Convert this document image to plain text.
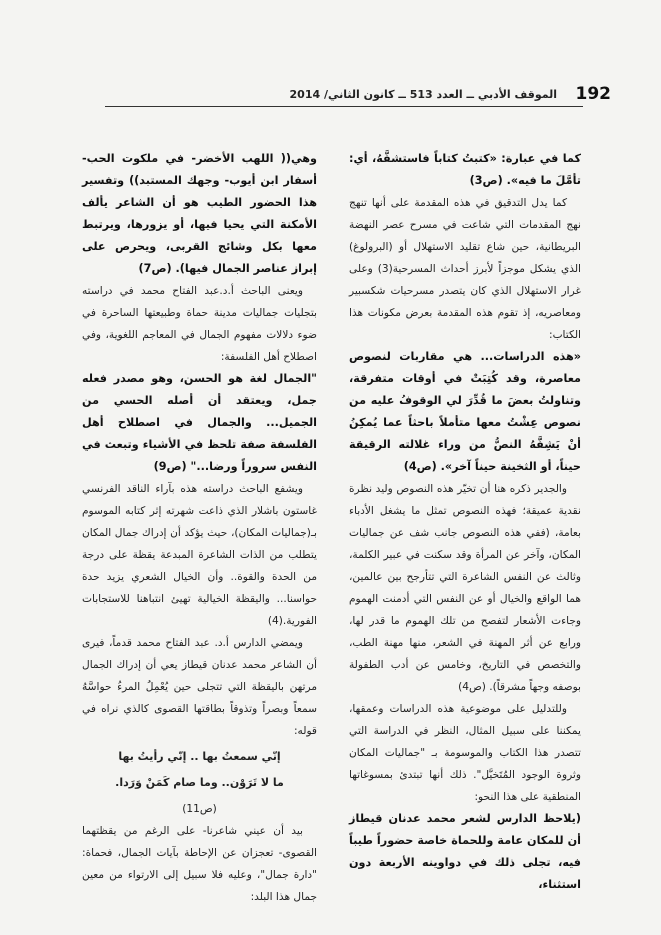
192
الموقف الأدبي ــ العدد 513 ــ كانون الثاني/ 2014

كما في عبارة: «كتبتُ كتاباً فاستشفَّهُ، أي: تأمَّلَ ما فيه». (ص3)

كما يدل التدقيق في هذه المقدمة على أنها تنهج نهج المقدمات التي شاعت في مسرح عصر النهضة البريطانية، حين شاع تقليد الاستهلال أو (البرولوغ) الذي يشكل موجزاً لأبرز أحداث المسرحية(3) وعلى غرار الاستهلال الذي كان يتصدر مسرحيات شكسبير ومعاصريه، إذ تقوم هذه المقدمة بعرض مكونات هذا الكتاب:

«هذه الدراسات... هي مقاربات لنصوص معاصرة، وقد كُتِبَتْ في أوقات متفرقة، وتناولتُ بعضَ ما قُدِّرَ لي الوقوفُ عليه من نصوص عِشْتُ معها متأملاً باحثاً عما يُمكِنُ أنْ يَشِفَّهُ النصُّ من وراء غلالته الرقيقة حيناً، أو الثخينة حيناً آخر». (ص4)

والجدير ذكره هنا أن تخيّر هذه النصوص وليد نظرة نقدية عميقة؛ فهذه النصوص تمثل ما يشغل الأدباء بعامة، (ففي هذه النصوص جانب شف عن جماليات المكان، وآخر عن المرأة وقد سكنت في عبير الكلمة، وثالث عن النفس الشاعرة التي تتأرجح بين عالمين، هما الواقع والخيال أو عن النفس التي أدمنت الهموم وجاءت الأشعار لتفصح من تلك الهموم ما قدر لها، ورابع عن أثر المهنة في الشعر، منها مهنة الطب، والتخصص في التاريخ، وخامس عن أدب الطفولة بوصفه وجهاً مشرقاً). (ص4)

وللتدليل على موضوعية هذه الدراسات وعمقها، يمكننا على سبيل المثال، النظر في الدراسة التي تتصدر هذا الكتاب والموسومة بـ "جماليات المكان وثروة الوجود المُتَخيَّل". ذلك أنها تبتدئ بمسوغاتها المنطقية على هذا النحو:

(يلاحظ الدارس لشعر محمد عدنان قيطاز أن للمكان عامة وللحماة خاصة حضوراً طيباً فيه، تجلى ذلك في دواوينه الأربعة دون استثناء،

وهي(( اللهب الأخضر- في ملكوت الحب- أسفار ابن أيوب- وجهك المستبد)) وتفسير هذا الحضور الطيب هو أن الشاعر يألف الأمكنة التي يحيا فيها، أو يزورها، ويرتبط معها بكل وشائج القربى، ويحرص على إبراز عناصر الجمال فيها). (ص7)

ويعنى الباحث أ.د.عبد الفتاح محمد في دراسته بتجليات جماليات مدينة حماة وطبيعتها الساحرة في ضوء دلالات مفهوم الجمال في المعاجم اللغوية، وفي اصطلاح أهل الفلسفة:

"الجمال لغة هو الحسن، وهو مصدر فعله جمل، ويعتقد أن أصله الحسي من الجميل... والجمال في اصطلاح أهل الفلسفة صفة تلحظ في الأشياء وتبعث في النفس سروراً ورضا..." (ص9)

ويشفع الباحث دراسته هذه بآراء الناقد الفرنسي غاستون باشلار الذي ذاعت شهرته إثر كتابه الموسوم بـ(جماليات المكان)، حيث يؤكد أن إدراك جمال المكان يتطلب من الذات الشاعرة المبدعة يقظة على درجة من الحدة والقوة.. وأن الخيال الشعري يزيد حدة حواسنا... واليقظة الخيالية تهيئ انتباهنا للاستجابات الفورية.(4)

ويمضي الدارس أ.د. عبد الفتاح محمد قدماً، فيرى أن الشاعر محمد عدنان قيطاز يعي أن إدراك الجمال مرتهن باليقظة التي تتجلى حين يُعْمِلُ المرءُ حواسَّهُ سمعاً وبصراً وتذوقاً بطاقتها القصوى كالذي نراه في قوله:

إنّي سمعتُ بها .. إنّي رأيتُ بها

ما لا تَرَوْن.. وما صام كَمَنْ وَرَدا.

(ص11)

بيد أن عيني شاعرنا- على الرغم من يقظتهما القصوى- تعجزان عن الإحاطة بآيات الجمال، فحماة: "دارة جمال"، وعليه فلا سبيل إلى الارتواء من معين جمال هذا البلد:
